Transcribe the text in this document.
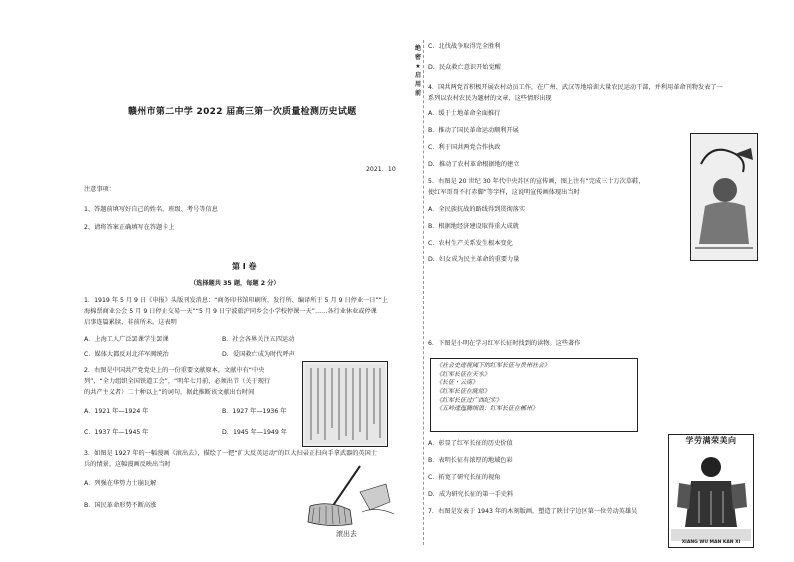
赣州市第二中学 2022 届高三第一次质量检测历史试题
2021．10
注意事项：
1、答题前填写好自己的姓名、班级、考号等信息
2、请将答案正确填写在答题卡上
第 I 卷
（选择题共 35 题，每题 2 分）
1．1919 年 5 月 9 日《申报》头版刊发消息：“商务印书馆印刷所、发行所、编译所于 5 月 9 日停业一日”“上
海棉票商业公会 5 月 9 日停止交易一天”“5 月 9 日宁波旅沪同乡会小学校停课一天”……各行业休业或停课
启事连篇累牍，非前所未。这表明
A．上海工人广泛罢课学生罢课	B．社会各界关注五四运动
C．媒体大都反对北洋军阀统治	D．爱国救亡成为时代呼声
2．右图是中国共产党党史上的一份重要文献原本，文献中有“中央
列”，“全力组织全国铁道工会”，“明年七月前，必须出节（关于现行
的共产主义者）二十种以上”的词句，据此推断该文献出台时间
A．1921 年—1924 年	B．1927 年—1936 年
C．1937 年—1945 年	D．1945 年—1949 年
3．如图是 1927 年的一幅漫画《滚出去》，描绘了一把“扩大反英运动”的巨大扫帚正扫向手拿武器的英国士
兵的情景。这幅漫画反映出当时
A．列强在华势力土崩瓦解
B．国民革命形势不断高涨
滚出去
绝
密
★
启
用
前
C．北伐战争取得完全胜利
D．民众救亡意识开始觉醒
4．国共两党首积极开展农村动员工作，在广州、武汉等地培训大量农民运动干部，并利用革命刊物发表了一
系列以农村农民为题材的文章，这些情形出现
A．缓于土地革命全面推行
B．推动了国民革命运动顺利开展
C．利于国共两党合作执政
D．推动了农村革命根据地的建立
5．右图是 20 世纪 30 年代中央苏区的宣传画，图上注有“完成三十万次草鞋，
使红军哥哥不打赤脚”等字样，这说明宣传画体现出当时
A．全民族抗战的路线得到贯彻落实
B．根据地经济建设取得重大成就
C．农村生产关系发生根本变化
D．妇女成为民主革命的重要力量
6．下图是小明在学习红军长征时找到的读物。这些著作
《社会史迹视阈下的红军长征与贵州社会》
《红军长征在天水》
《长征・云南》
《红军长征在陇原》
《红军长征过广西纪实》
《五岭逶迤腾细浪：红军长征在郴州》
A．彰显了红军长征的历史价值
B．表明长征有浓厚的地域色彩
C．拓宽了研究长征的视角
D．成为研究长征的第一手史料
7．右图是发表于 1943 年的木刻版画，塑造了陕甘宁边区第一位劳动英雄吴
学劳满荣美向
XIANG WU MAN KAN XI
